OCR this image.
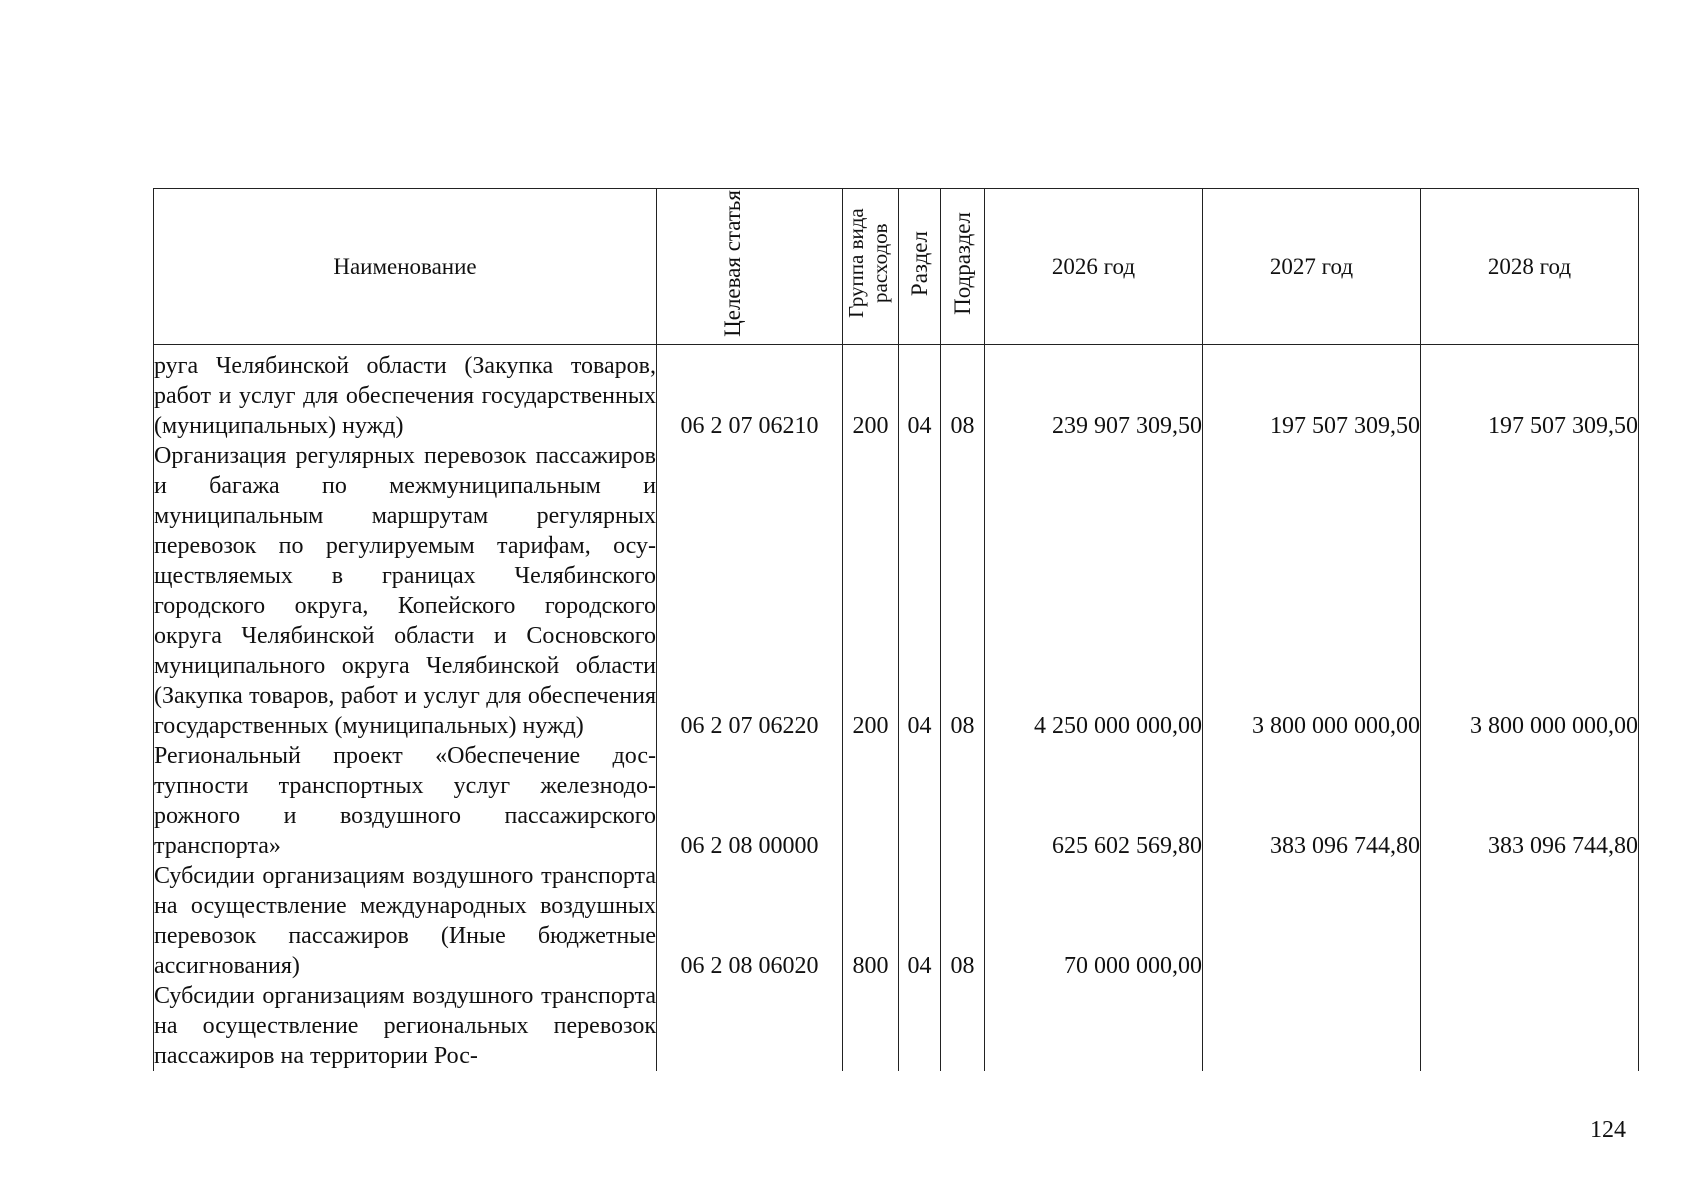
Наименование	Целевая статья	Группа вида расходов	Раздел	Подраздел	2026 год	2027 год	2028 год
руга Челябинской области (Закупка товаров, работ и услуг для обеспечения государственных (муниципальных) нужд)	06 2 07 06210	200	04	08	239 907 309,50	197 507 309,50	197 507 309,50
Организация регулярных перевозок пассажиров и багажа по межмуниципальным и муниципальным маршрутам регулярных перевозок по регулируемым тарифам, осуществляемых в границах Челябинского городского округа, Копейского городского округа Челябинской области и Сосновского муниципального округа Челябинской области (Закупка товаров, работ и услуг для обеспечения государственных (муниципальных) нужд)	06 2 07 06220	200	04	08	4 250 000 000,00	3 800 000 000,00	3 800 000 000,00
Региональный проект «Обеспечение доступности транспортных услуг железнодорожного и воздушного пассажирского транспорта»	06 2 08 00000				625 602 569,80	383 096 744,80	383 096 744,80
Субсидии организациям воздушного транспорта на осуществление международных воздушных перевозок пассажиров (Иные бюджетные ассигнования)	06 2 08 06020	800	04	08	70 000 000,00		
Субсидии организациям воздушного транспорта на осуществление региональных перевозок пассажиров на территории Рос-							
124
